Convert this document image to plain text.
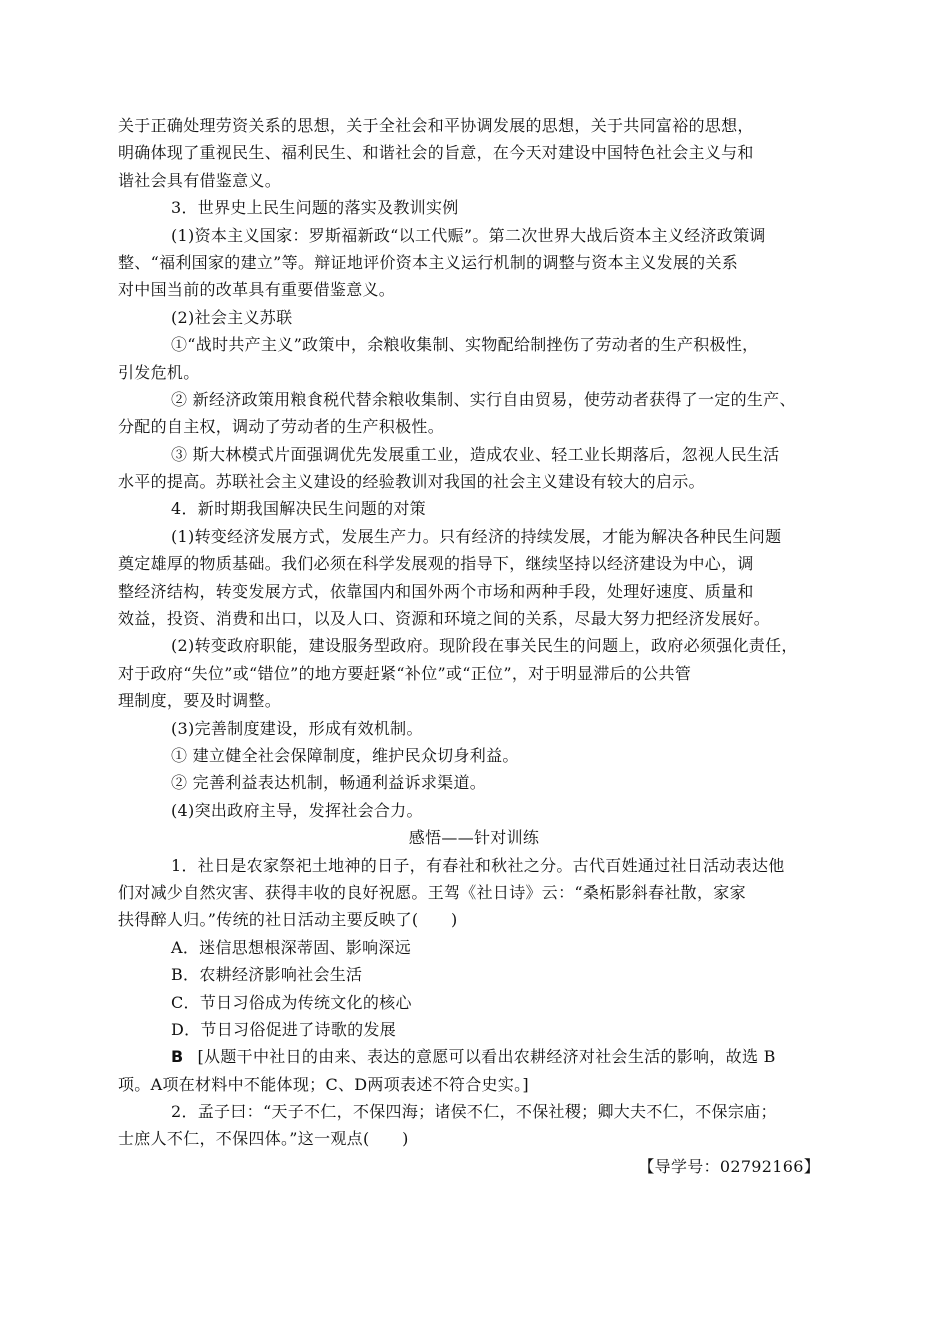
关于正确处理劳资关系的思想，关于全社会和平协调发展的思想，关于共同富裕的思想，
明确体现了重视民生、福利民生、和谐社会的旨意，在今天对建设中国特色社会主义与和
谐社会具有借鉴意义。
3．世界史上民生问题的落实及教训实例
(1)资本主义国家：罗斯福新政“以工代赈”。第二次世界大战后资本主义经济政策调
整、“福利国家的建立”等。辩证地评价资本主义运行机制的调整与资本主义发展的关系
对中国当前的改革具有重要借鉴意义。
(2)社会主义苏联
①“战时共产主义”政策中，余粮收集制、实物配给制挫伤了劳动者的生产积极性，
引发危机。
② 新经济政策用粮食税代替余粮收集制、实行自由贸易，使劳动者获得了一定的生产、
分配的自主权，调动了劳动者的生产积极性。
③ 斯大林模式片面强调优先发展重工业，造成农业、轻工业长期落后，忽视人民生活
水平的提高。苏联社会主义建设的经验教训对我国的社会主义建设有较大的启示。
4．新时期我国解决民生问题的对策
(1)转变经济发展方式，发展生产力。只有经济的持续发展，才能为解决各种民生问题
奠定雄厚的物质基础。我们必须在科学发展观的指导下，继续坚持以经济建设为中心，调
整经济结构，转变发展方式，依靠国内和国外两个市场和两种手段，处理好速度、质量和
效益，投资、消费和出口，以及人口、资源和环境之间的关系，尽最大努力把经济发展好。
(2)转变政府职能，建设服务型政府。现阶段在事关民生的问题上，政府必须强化责任，
对于政府“失位”或“错位”的地方要赶紧“补位”或“正位”，对于明显滞后的公共管
理制度，要及时调整。
(3)完善制度建设，形成有效机制。
① 建立健全社会保障制度，维护民众切身利益。
② 完善利益表达机制，畅通利益诉求渠道。
(4)突出政府主导，发挥社会合力。
感悟——针对训练
1．社日是农家祭祀土地神的日子，有春社和秋社之分。古代百姓通过社日活动表达他
们对减少自然灾害、获得丰收的良好祝愿。王驾《社日诗》云：“桑柘影斜春社散，家家
扶得醉人归。”传统的社日活动主要反映了(　　)
A．迷信思想根深蒂固、影响深远
B．农耕经济影响社会生活
C．节日习俗成为传统文化的核心
D．节日习俗促进了诗歌的发展
B [从题干中社日的由来、表达的意愿可以看出农耕经济对社会生活的影响，故选 B
项。A项在材料中不能体现；C、D两项表述不符合史实。]
2．孟子曰：“天子不仁，不保四海；诸侯不仁，不保社稷；卿大夫不仁，不保宗庙；
士庶人不仁，不保四体。”这一观点(　　)
【导学号：02792166】
